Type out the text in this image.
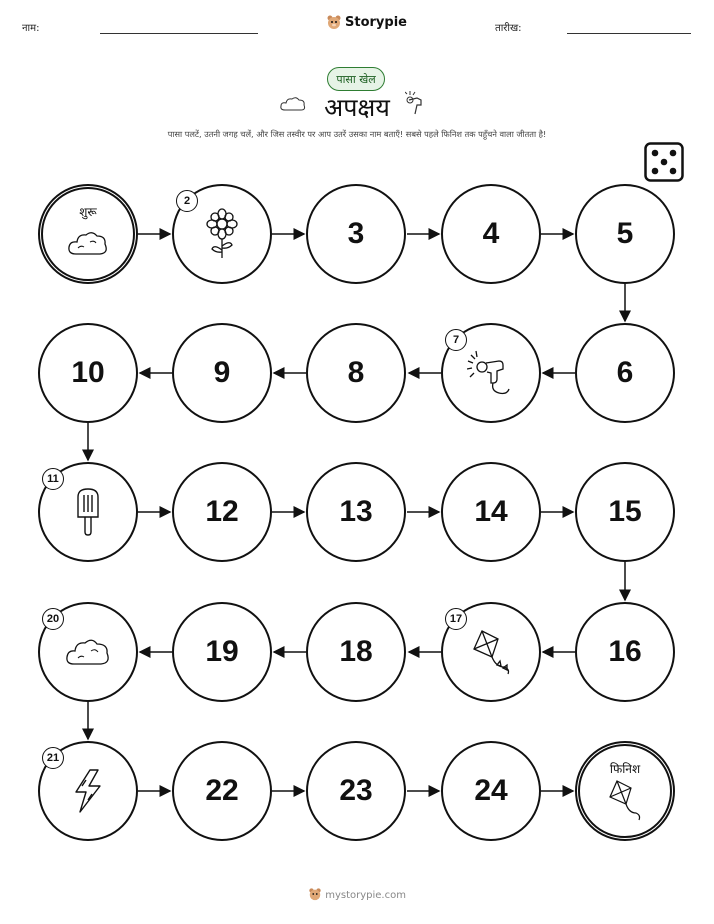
नाम:	Storypie	तारीख:
पासा खेल
अपक्षय
पासा पलटें, उतनी जगह चलें, और जिस तस्वीर पर आप उतरें उसका नाम बताएँ! सबसे पहले फिनिश तक पहुँचने वाला जीतता है!
शुरू
2
3	4	5
10	9	8
7
6
11
12	13	14	15
20
19	18
17
16
21
22	23	24
फिनिश
mystorypie.com
